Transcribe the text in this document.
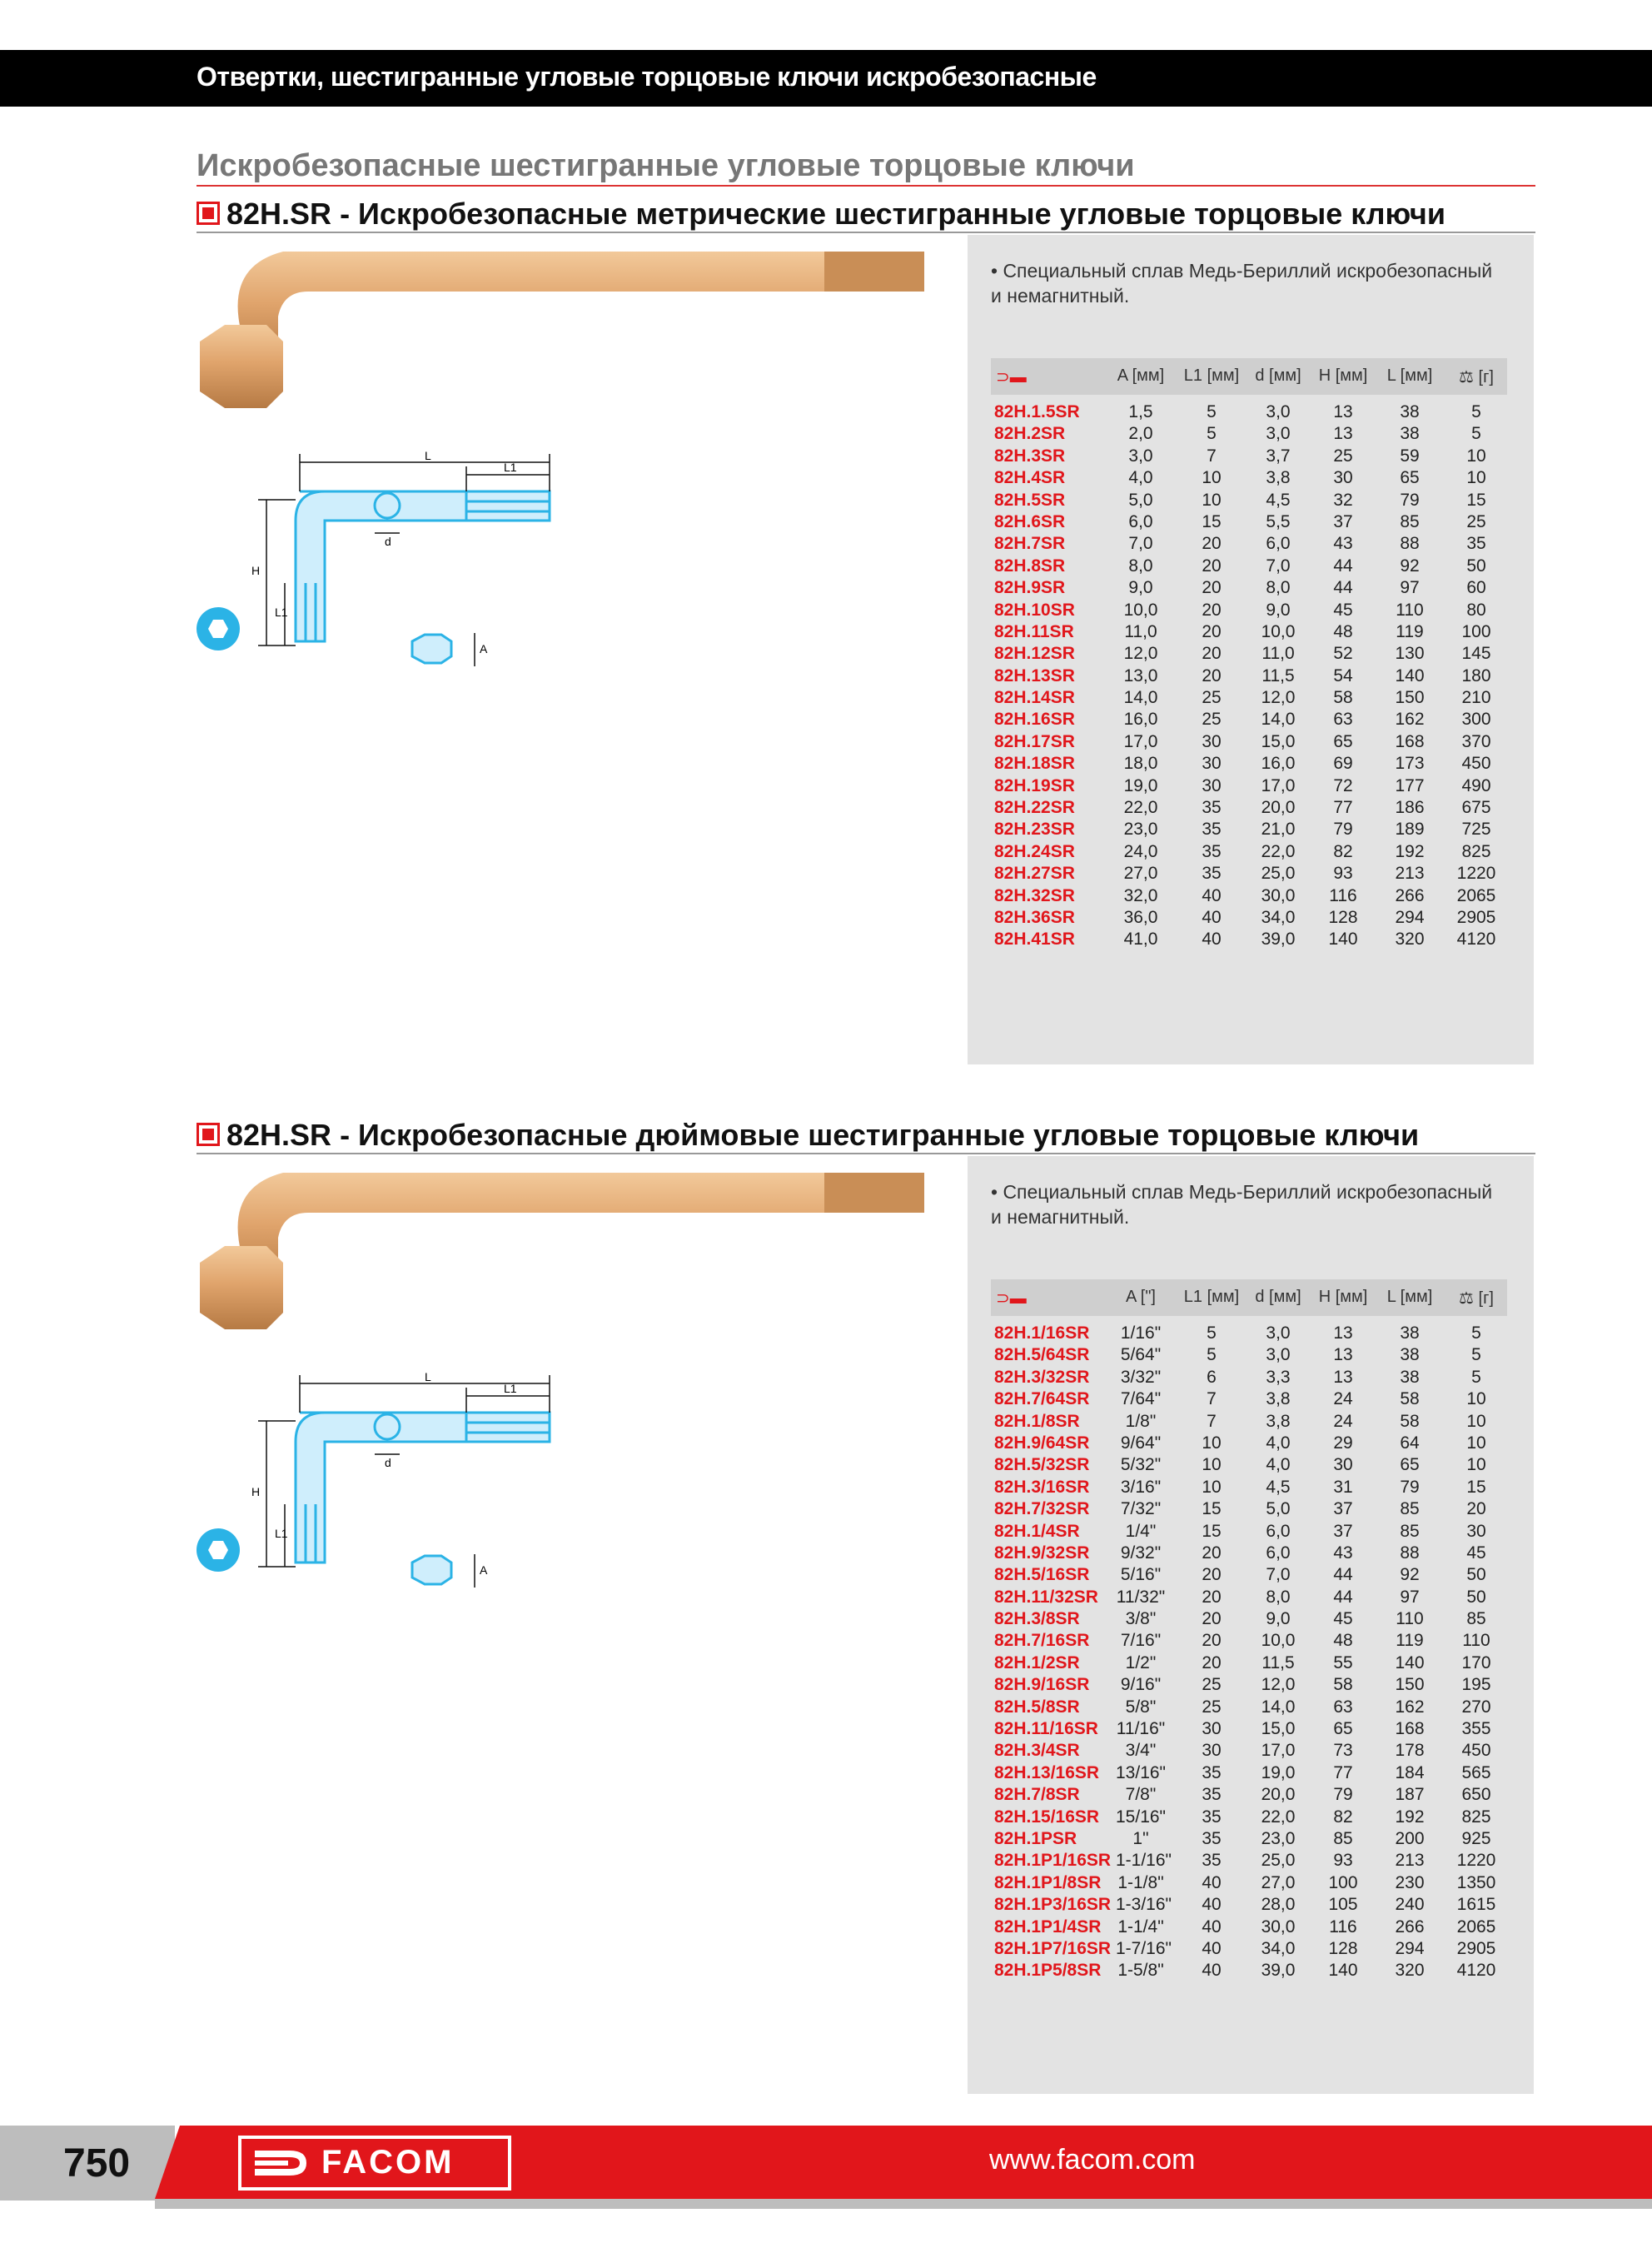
Отвертки, шестигранные угловые торцовые ключи искробезопасные
Искробезопасные шестигранные угловые торцовые ключи
82H.SR - Искробезопасные метрические шестигранные угловые торцовые ключи
L
L1
H
L1
d
A
• Специальный сплав Медь-Бериллий искробезопасный и немагнитный.
⊃▬	A [мм] L1 [мм] d [мм]	H [мм]	L [мм]	⚖ [г]
82H.1.5SR	1,5	5	3,0	13	38	5
82H.2SR	2,0	5	3,0	13	38	5
82H.3SR	3,0	7	3,7	25	59	10
82H.4SR	4,0	10	3,8	30	65	10
82H.5SR	5,0	10	4,5	32	79	15
82H.6SR	6,0	15	5,5	37	85	25
82H.7SR	7,0	20	6,0	43	88	35
82H.8SR	8,0	20	7,0	44	92	50
82H.9SR	9,0	20	8,0	44	97	60
82H.10SR	10,0	20	9,0	45	110	80
82H.11SR	11,0	20	10,0	48	119	100
82H.12SR	12,0	20	11,0	52	130	145
82H.13SR	13,0	20	11,5	54	140	180
82H.14SR	14,0	25	12,0	58	150	210
82H.16SR	16,0	25	14,0	63	162	300
82H.17SR	17,0	30	15,0	65	168	370
82H.18SR	18,0	30	16,0	69	173	450
82H.19SR	19,0	30	17,0	72	177	490
82H.22SR	22,0	35	20,0	77	186	675
82H.23SR	23,0	35	21,0	79	189	725
82H.24SR	24,0	35	22,0	82	192	825
82H.27SR	27,0	35	25,0	93	213	1220
82H.32SR	32,0	40	30,0	116	266	2065
82H.36SR	36,0	40	34,0	128	294	2905
82H.41SR	41,0	40	39,0	140	320	4120
82H.SR - Искробезопасные дюймовые шестигранные угловые торцовые ключи
L
L1
H
L1
d
A
• Специальный сплав Медь-Бериллий искробезопасный и немагнитный.
⊃▬	A ["]	L1 [мм] d [мм]	H [мм]	L [мм]	⚖ [г]
82H.1/16SR 1/16"	5	3,0	13	38	5
82H.5/64SR 5/64"	5	3,0	13	38	5
82H.3/32SR 3/32"	6	3,3	13	38	5
82H.7/64SR 7/64"	7	3,8	24	58	10
82H.1/8SR	1/8"	7	3,8	24	58	10
82H.9/64SR 9/64"	10	4,0	29	64	10
82H.5/32SR 5/32"	10	4,0	30	65	10
82H.3/16SR 3/16"	10	4,5	31	79	15
82H.7/32SR 7/32"	15	5,0	37	85	20
82H.1/4SR	1/4"	15	6,0	37	85	30
82H.9/32SR 9/32"	20	6,0	43	88	45
82H.5/16SR 5/16"	20	7,0	44	92	50
82H.11/32SR 11/32"	20	8,0	44	97	50
82H.3/8SR	3/8"	20	9,0	45	110	85
82H.7/16SR 7/16"	20	10,0	48	119	110
82H.1/2SR	1/2"	20	11,5	55	140	170
82H.9/16SR 9/16"	25	12,0	58	150	195
82H.5/8SR	5/8"	25	14,0	63	162	270
82H.11/16SR 11/16"	30	15,0	65	168	355
82H.3/4SR	3/4"	30	17,0	73	178	450
82H.13/16SR 13/16"	35	19,0	77	184	565
82H.7/8SR	7/8"	35	20,0	79	187	650
82H.15/16SR 15/16"	35	22,0	82	192	825
82H.1PSR	1"	35	23,0	85	200	925
82H.1P1/16SR 1-1/16"	35	25,0	93	213	1220
82H.1P1/8SR 1-1/8"	40	27,0	100	230	1350
82H.1P3/16SR 1-3/16"	40	28,0	105	240	1615
82H.1P1/4SR 1-1/4"	40	30,0	116	266	2065
82H.1P7/16SR 1-7/16"	40	34,0	128	294	2905
82H.1P5/8SR 1-5/8"	40	39,0	140	320	4120
750	FACOM	www.facom.com
